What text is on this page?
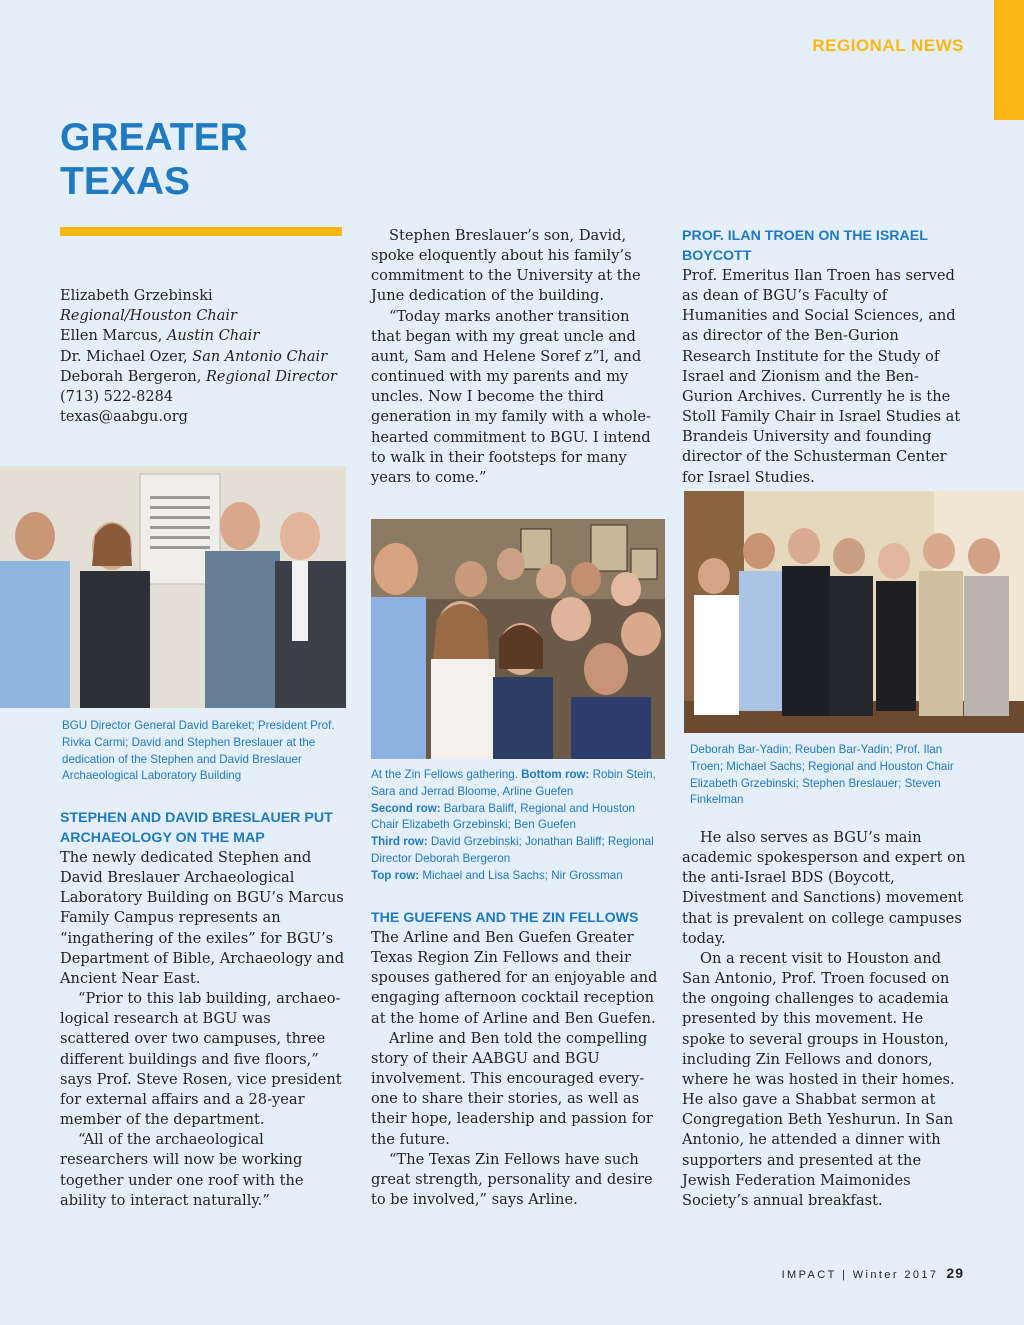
REGIONAL NEWS
GREATER
TEXAS
Elizabeth Grzebinski
Regional/Houston Chair
Ellen Marcus, Austin Chair
Dr. Michael Ozer, San Antonio Chair
Deborah Bergeron, Regional Director
(713) 522-8284
texas@aabgu.org

Stephen Breslauer’s son, David, spoke eloquently about his family’s commitment to the University at the June dedication of the building.

“Today marks another transition that began with my great uncle and aunt, Sam and Helene Soref z”l, and continued with my parents and my uncles. Now I become the third generation in my family with a whole-hearted commitment to BGU. I intend to walk in their footsteps for many years to come.”

PROF. ILAN TROEN ON THE ISRAEL BOYCOTT

Prof. Emeritus Ilan Troen has served as dean of BGU’s Faculty of Humanities and Social Sciences, and as director of the Ben-Gurion Research Institute for the Study of Israel and Zionism and the Ben-Gurion Archives. Currently he is the Stoll Family Chair in Israel Studies at Brandeis University and founding director of the Schusterman Center for Israel Studies.

BGU Director General David Bareket; President Prof. Rivka Carmi; David and Stephen Breslauer at the dedication of the Stephen and David Breslauer Archaeological Laboratory Building
Deborah Bar-Yadin; Reuben Bar-Yadin; Prof. Ilan Troen; Michael Sachs; Regional and Houston Chair Elizabeth Grzebinski; Stephen Breslauer; Steven Finkelman
STEPHEN AND DAVID BRESLAUER PUT ARCHAEOLOGY ON THE MAP

The newly dedicated Stephen and David Breslauer Archaeological Laboratory Building on BGU’s Marcus Family Campus represents an “ingathering of the exiles” for BGU’s Department of Bible, Archaeology and Ancient Near East.

“Prior to this lab building, archaeo-logical research at BGU was scattered over two campuses, three different buildings and five floors,” says Prof. Steve Rosen, vice president for external affairs and a 28-year member of the department.

“All of the archaeological researchers will now be working together under one roof with the ability to interact naturally.”

At the Zin Fellows gathering. Bottom row: Robin Stein, Sara and Jerrad Bloome, Arline Guefen
Second row: Barbara Baliff, Regional and Houston Chair Elizabeth Grzebinski; Ben Guefen
Third row: David Grzebinski; Jonathan Baliff; Regional Director Deborah Bergeron
Top row: Michael and Lisa Sachs; Nir Grossman
THE GUEFENS AND THE ZIN FELLOWS

The Arline and Ben Guefen Greater Texas Region Zin Fellows and their spouses gathered for an enjoyable and engaging afternoon cocktail reception at the home of Arline and Ben Guefen.

Arline and Ben told the compelling story of their AABGU and BGU involvement. This encouraged every-one to share their stories, as well as their hope, leadership and passion for the future.

“The Texas Zin Fellows have such great strength, personality and desire to be involved,” says Arline.

He also serves as BGU’s main academic spokesperson and expert on the anti-Israel BDS (Boycott, Divestment and Sanctions) movement that is prevalent on college campuses today.

On a recent visit to Houston and San Antonio, Prof. Troen focused on the ongoing challenges to academia presented by this movement. He spoke to several groups in Houston, including Zin Fellows and donors, where he was hosted in their homes. He also gave a Shabbat sermon at Congregation Beth Yeshurun. In San Antonio, he attended a dinner with supporters and presented at the Jewish Federation Maimonides Society’s annual breakfast.

IMPACT | Winter 2017 29
